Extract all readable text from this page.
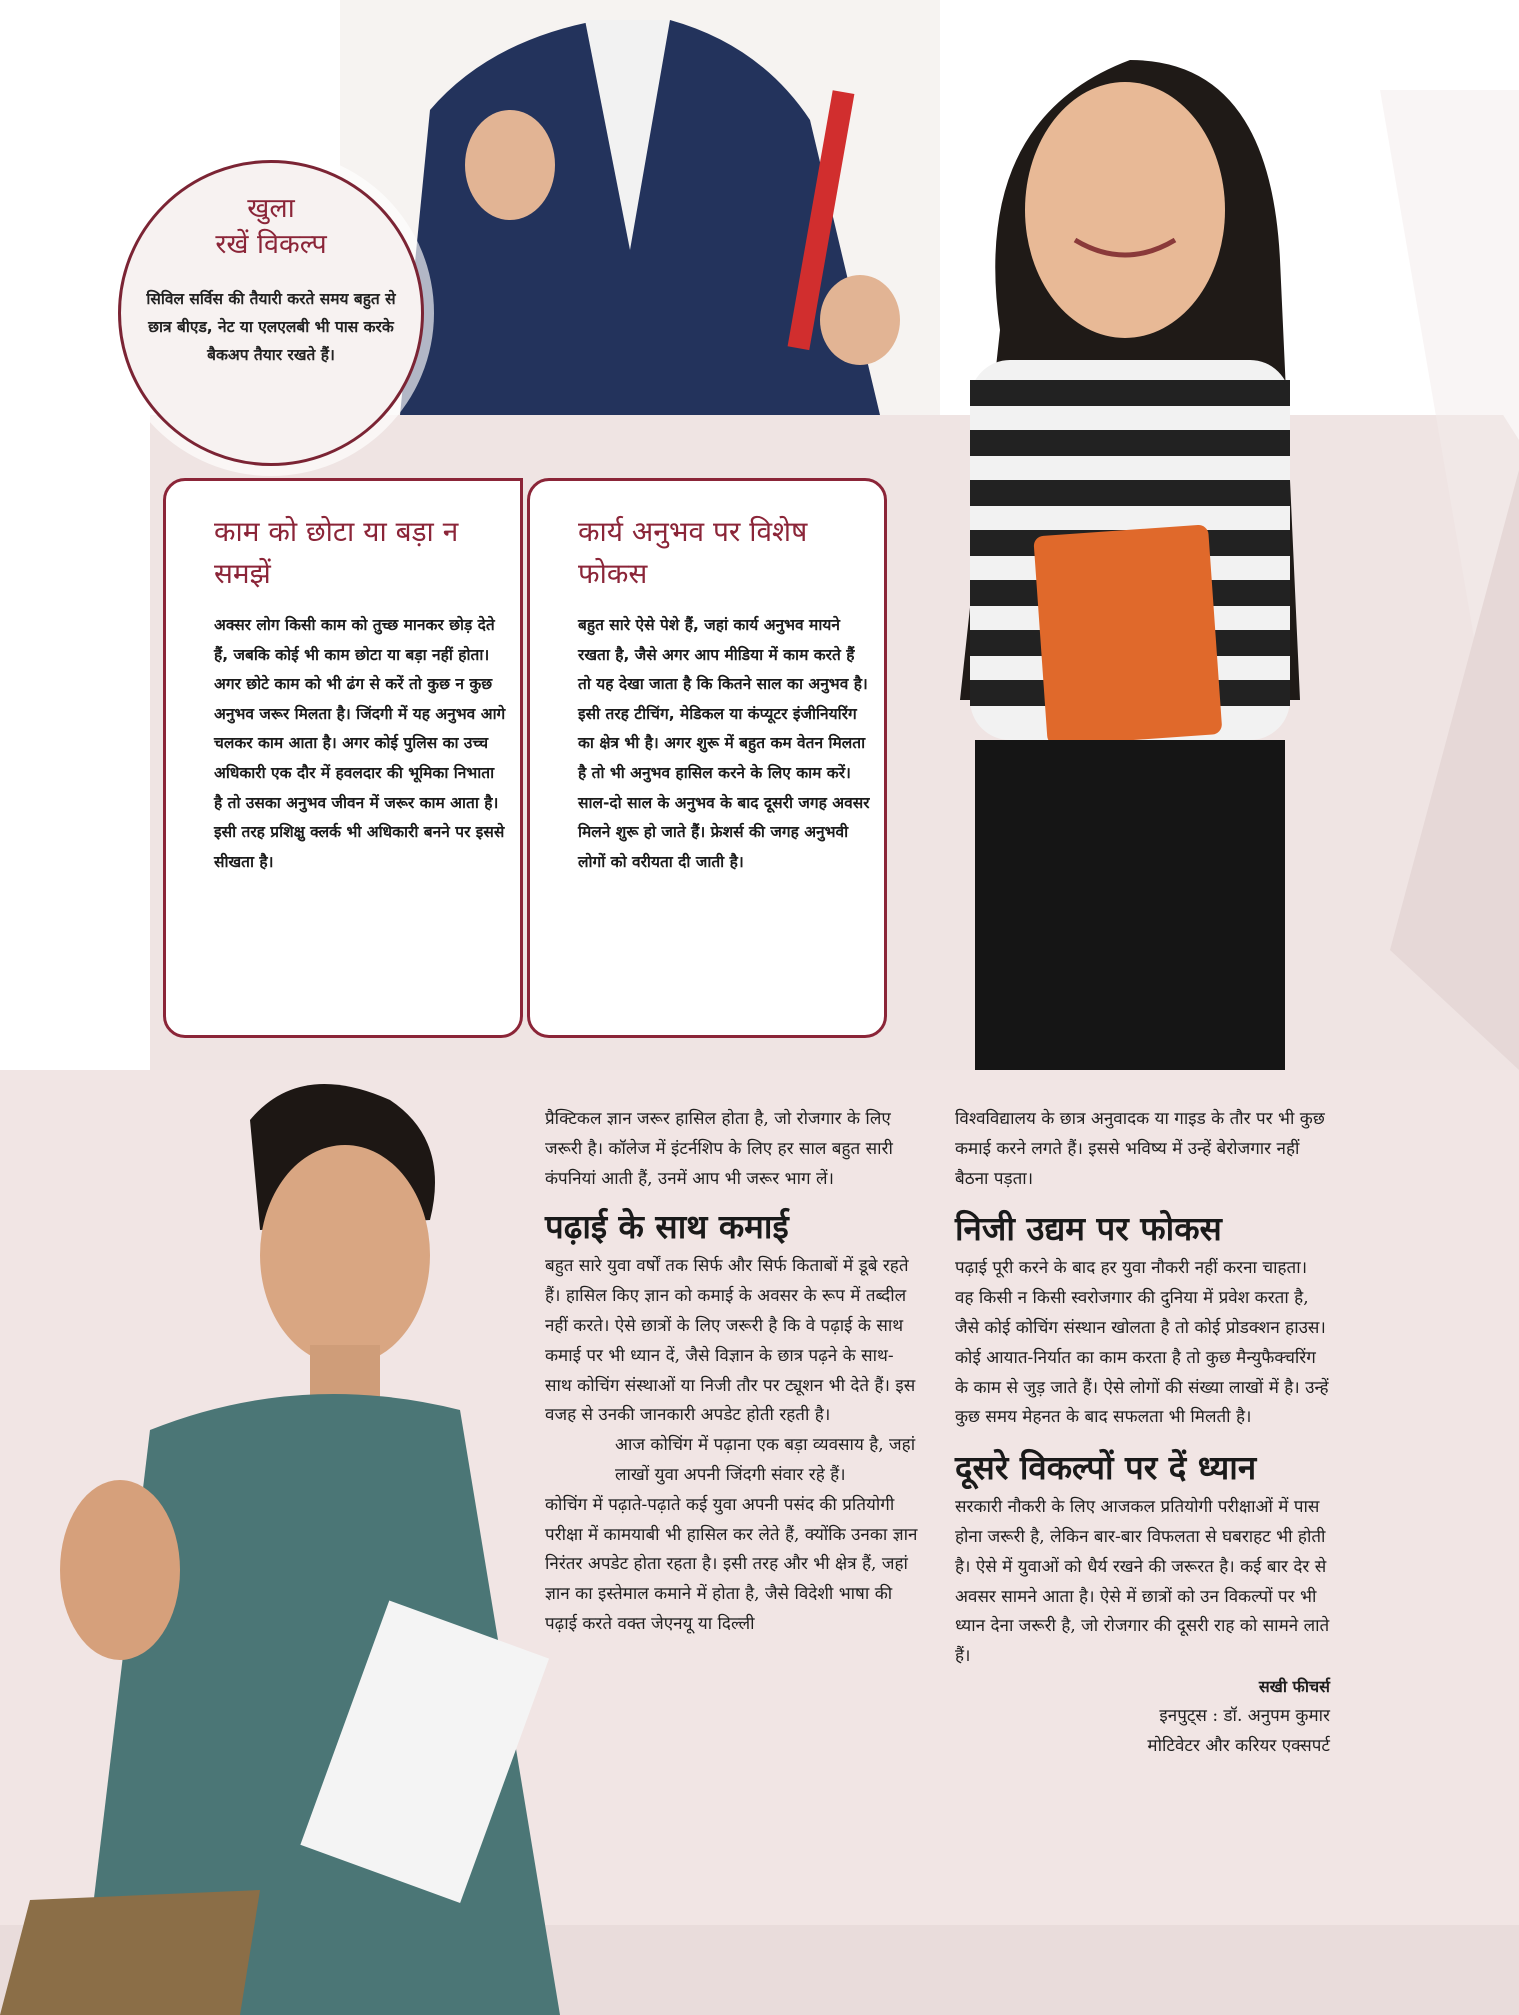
खुला
रखें विकल्प
सिविल सर्विस की तैयारी करते समय बहुत से छात्र बीएड, नेट या एलएलबी भी पास करके बैकअप तैयार रखते हैं।
काम को छोटा या बड़ा न समझें
अक्सर लोग किसी काम को तुच्छ मानकर छोड़ देते हैं, जबकि कोई भी काम छोटा या बड़ा नहीं होता। अगर छोटे काम को भी ढंग से करें तो कुछ न कुछ अनुभव जरूर मिलता है। जिंदगी में यह अनुभव आगे चलकर काम आता है। अगर कोई पुलिस का उच्च अधिकारी एक दौर में हवलदार की भूमिका निभाता है तो उसका अनुभव जीवन में जरूर काम आता है। इसी तरह प्रशिक्षु क्लर्क भी अधिकारी बनने पर इससे सीखता है।
कार्य अनुभव पर विशेष फोकस
बहुत सारे ऐसे पेशे हैं, जहां कार्य अनुभव मायने रखता है, जैसे अगर आप मीडिया में काम करते हैं तो यह देखा जाता है कि कितने साल का अनुभव है। इसी तरह टीचिंग, मेडिकल या कंप्यूटर इंजीनियरिंग का क्षेत्र भी है। अगर शुरू में बहुत कम वेतन मिलता है तो भी अनुभव हासिल करने के लिए काम करें। साल-दो साल के अनुभव के बाद दूसरी जगह अवसर मिलने शुरू हो जाते हैं। फ्रेशर्स की जगह अनुभवी लोगों को वरीयता दी जाती है।

प्रैक्टिकल ज्ञान जरूर हासिल होता है, जो रोजगार के लिए जरूरी है। कॉलेज में इंटर्नशिप के लिए हर साल बहुत सारी कंपनियां आती हैं, उनमें आप भी जरूर भाग लें।

पढ़ाई के साथ कमाई

बहुत सारे युवा वर्षों तक सिर्फ और सिर्फ किताबों में डूबे रहते हैं। हासिल किए ज्ञान को कमाई के अवसर के रूप में तब्दील नहीं करते। ऐसे छात्रों के लिए जरूरी है कि वे पढ़ाई के साथ कमाई पर भी ध्यान दें, जैसे विज्ञान के छात्र पढ़ने के साथ-साथ कोचिंग संस्थाओं या निजी तौर पर ट्यूशन भी देते हैं। इस वजह से उनकी जानकारी अपडेट होती रहती है।

आज कोचिंग में पढ़ाना एक बड़ा व्यवसाय है, जहां लाखों युवा अपनी जिंदगी संवार रहे हैं।

कोचिंग में पढ़ाते-पढ़ाते कई युवा अपनी पसंद की प्रतियोगी परीक्षा में कामयाबी भी हासिल कर लेते हैं, क्योंकि उनका ज्ञान निरंतर अपडेट होता रहता है। इसी तरह और भी क्षेत्र हैं, जहां ज्ञान का इस्तेमाल कमाने में होता है, जैसे विदेशी भाषा की पढ़ाई करते वक्त जेएनयू या दिल्ली

विश्वविद्यालय के छात्र अनुवादक या गाइड के तौर पर भी कुछ कमाई करने लगते हैं। इससे भविष्य में उन्हें बेरोजगार नहीं बैठना पड़ता।

निजी उद्यम पर फोकस

पढ़ाई पूरी करने के बाद हर युवा नौकरी नहीं करना चाहता। वह किसी न किसी स्वरोजगार की दुनिया में प्रवेश करता है, जैसे कोई कोचिंग संस्थान खोलता है तो कोई प्रोडक्शन हाउस। कोई आयात-निर्यात का काम करता है तो कुछ मैन्युफैक्चरिंग के काम से जुड़ जाते हैं। ऐसे लोगों की संख्या लाखों में है। उन्हें कुछ समय मेहनत के बाद सफलता भी मिलती है।

दूसरे विकल्पों पर दें ध्यान

सरकारी नौकरी के लिए आजकल प्रतियोगी परीक्षाओं में पास होना जरूरी है, लेकिन बार-बार विफलता से घबराहट भी होती है। ऐसे में युवाओं को धैर्य रखने की जरूरत है। कई बार देर से अवसर सामने आता है। ऐसे में छात्रों को उन विकल्पों पर भी ध्यान देना जरूरी है, जो रोजगार की दूसरी राह को सामने लाते हैं।

सखी फीचर्स

इनपुट्स : डॉ. अनुपम कुमार

मोटिवेटर और करियर एक्सपर्ट
